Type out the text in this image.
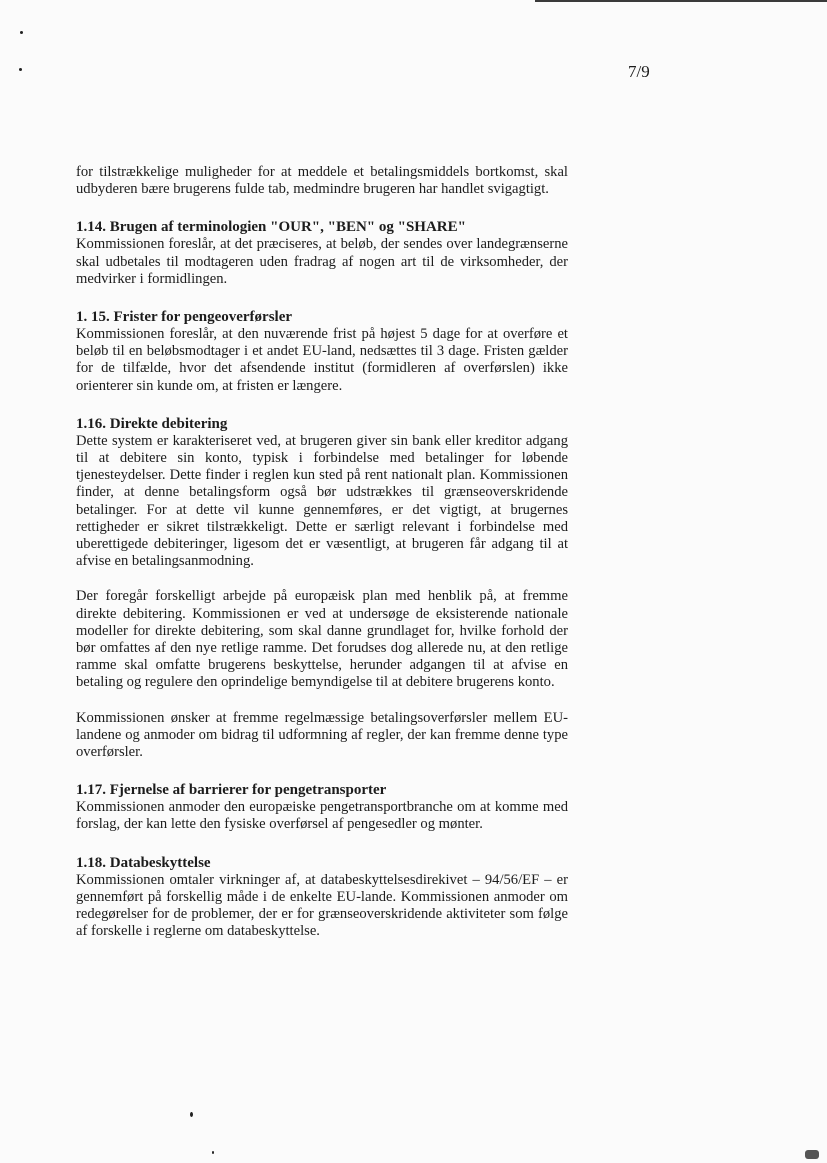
7/9

for tilstrækkelige muligheder for at meddele et betalingsmiddels bortkomst, skal udbyderen bære brugerens fulde tab, medmindre brugeren har handlet svigagtigt.

1.14. Brugen af terminologien "OUR", "BEN" og "SHARE"

Kommissionen foreslår, at det præciseres, at beløb, der sendes over landegrænserne skal udbetales til modtageren uden fradrag af nogen art til de virksomheder, der medvirker i formidlingen.

1. 15. Frister for pengeoverførsler

Kommissionen foreslår, at den nuværende frist på højest 5 dage for at overføre et beløb til en beløbsmodtager i et andet EU-land, nedsættes til 3 dage. Fristen gælder for de tilfælde, hvor det afsendende institut (formidleren af overførslen) ikke orienterer sin kunde om, at fristen er længere.

1.16. Direkte debitering

Dette system er karakteriseret ved, at brugeren giver sin bank eller kreditor adgang til at debitere sin konto, typisk i forbindelse med betalinger for løbende tjenesteydelser. Dette finder i reglen kun sted på rent nationalt plan. Kommissionen finder, at denne betalingsform også bør udstrækkes til grænseoverskridende betalinger. For at dette vil kunne gennemføres, er det vigtigt, at brugernes rettigheder er sikret tilstrækkeligt. Dette er særligt relevant i forbindelse med uberettigede debiteringer, ligesom det er væsentligt, at brugeren får adgang til at afvise en betalingsanmodning.

Der foregår forskelligt arbejde på europæisk plan med henblik på, at fremme direkte debitering. Kommissionen er ved at undersøge de eksisterende nationale modeller for direkte debitering, som skal danne grundlaget for, hvilke forhold der bør omfattes af den nye retlige ramme. Det forudses dog allerede nu, at den retlige ramme skal omfatte brugerens beskyttelse, herunder adgangen til at afvise en betaling og regulere den oprindelige bemyndigelse til at debitere brugerens konto.

Kommissionen ønsker at fremme regelmæssige betalingsoverførsler mellem EU-landene og anmoder om bidrag til udformning af regler, der kan fremme denne type overførsler.

1.17. Fjernelse af barrierer for pengetransporter

Kommissionen anmoder den europæiske pengetransportbranche om at komme med forslag, der kan lette den fysiske overførsel af pengesedler og mønter.

1.18. Databeskyttelse

Kommissionen omtaler virkninger af, at databeskyttelsesdirekivet – 94/56/EF – er gennemført på forskellig måde i de enkelte EU-lande. Kommissionen anmoder om redegørelser for de problemer, der er for grænseoverskridende aktiviteter som følge af forskelle i reglerne om databeskyttelse.
